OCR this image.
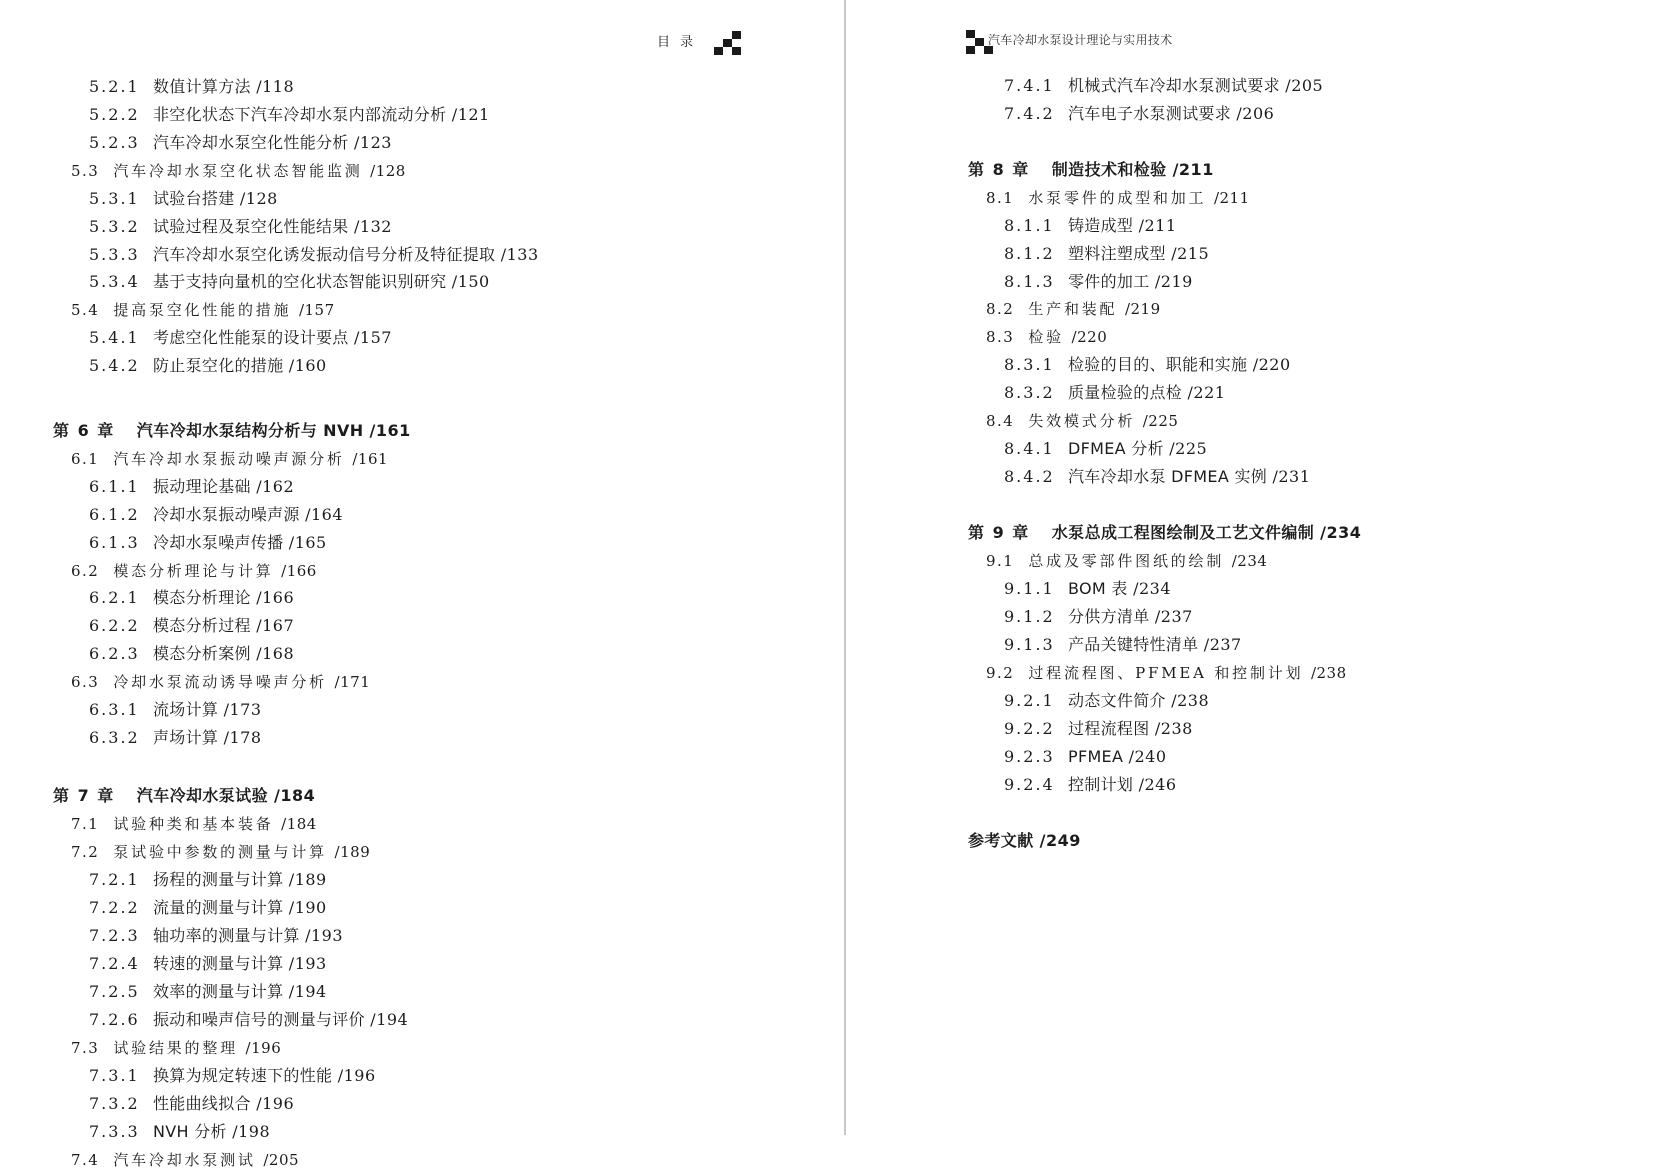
目录
5.2.1 数值计算方法 /118
5.2.2 非空化状态下汽车冷却水泵内部流动分析 /121
5.2.3 汽车冷却水泵空化性能分析 /123
5.3 汽车冷却水泵空化状态智能监测 /128
5.3.1 试验台搭建 /128
5.3.2 试验过程及泵空化性能结果 /132
5.3.3 汽车冷却水泵空化诱发振动信号分析及特征提取 /133
5.3.4 基于支持向量机的空化状态智能识别研究 /150
5.4 提高泵空化性能的措施 /157
5.4.1 考虑空化性能泵的设计要点 /157
5.4.2 防止泵空化的措施 /160
第 6 章 汽车冷却水泵结构分析与 NVH /161
6.1 汽车冷却水泵振动噪声源分析 /161
6.1.1 振动理论基础 /162
6.1.2 冷却水泵振动噪声源 /164
6.1.3 冷却水泵噪声传播 /165
6.2 模态分析理论与计算 /166
6.2.1 模态分析理论 /166
6.2.2 模态分析过程 /167
6.2.3 模态分析案例 /168
6.3 冷却水泵流动诱导噪声分析 /171
6.3.1 流场计算 /173
6.3.2 声场计算 /178
第 7 章 汽车冷却水泵试验 /184
7.1 试验种类和基本装备 /184
7.2 泵试验中参数的测量与计算 /189
7.2.1 扬程的测量与计算 /189
7.2.2 流量的测量与计算 /190
7.2.3 轴功率的测量与计算 /193
7.2.4 转速的测量与计算 /193
7.2.5 效率的测量与计算 /194
7.2.6 振动和噪声信号的测量与评价 /194
7.3 试验结果的整理 /196
7.3.1 换算为规定转速下的性能 /196
7.3.2 性能曲线拟合 /196
7.3.3 NVH 分析 /198
7.4 汽车冷却水泵测试 /205
汽车冷却水泵设计理论与实用技术
7.4.1 机械式汽车冷却水泵测试要求 /205
7.4.2 汽车电子水泵测试要求 /206
第 8 章 制造技术和检验 /211
8.1 水泵零件的成型和加工 /211
8.1.1 铸造成型 /211
8.1.2 塑料注塑成型 /215
8.1.3 零件的加工 /219
8.2 生产和装配 /219
8.3 检验 /220
8.3.1 检验的目的、职能和实施 /220
8.3.2 质量检验的点检 /221
8.4 失效模式分析 /225
8.4.1 DFMEA 分析 /225
8.4.2 汽车冷却水泵 DFMEA 实例 /231
第 9 章 水泵总成工程图绘制及工艺文件编制 /234
9.1 总成及零部件图纸的绘制 /234
9.1.1 BOM 表 /234
9.1.2 分供方清单 /237
9.1.3 产品关键特性清单 /237
9.2 过程流程图、PFMEA 和控制计划 /238
9.2.1 动态文件简介 /238
9.2.2 过程流程图 /238
9.2.3 PFMEA /240
9.2.4 控制计划 /246
参考文献 /249
